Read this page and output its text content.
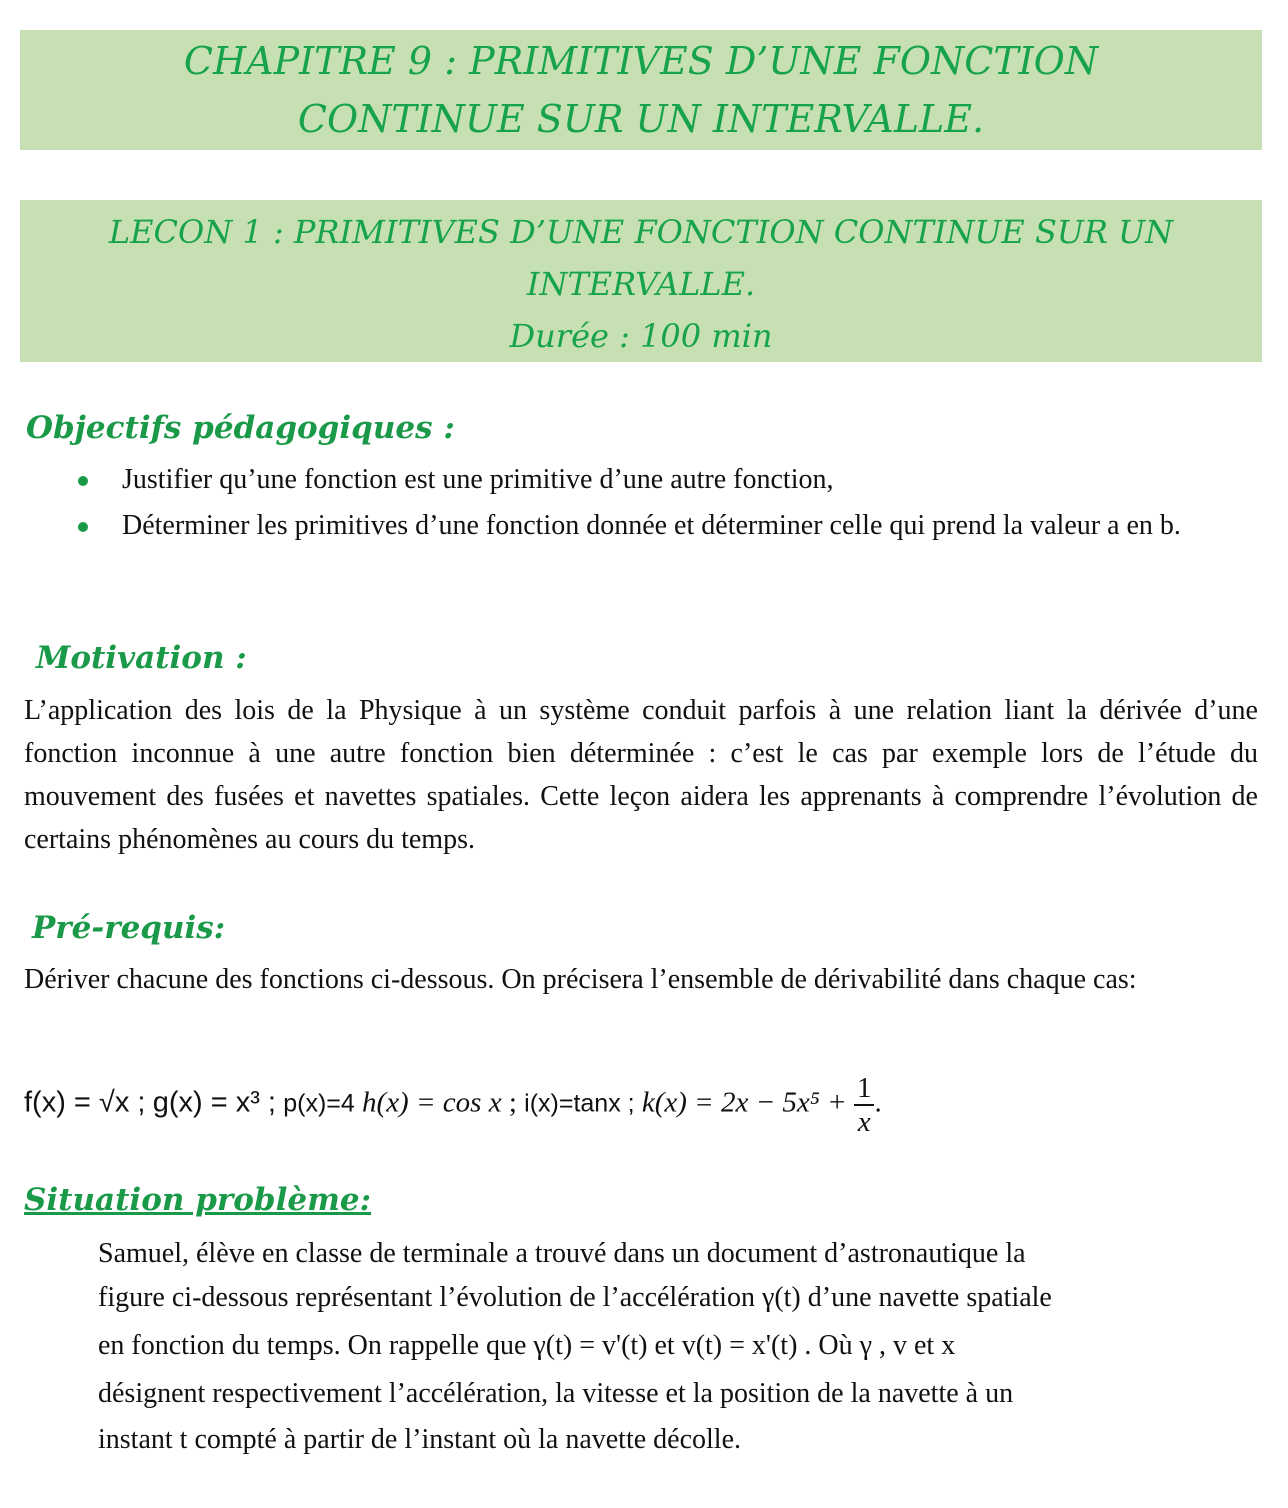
CHAPITRE 9 : PRIMITIVES D’UNE FONCTION
CONTINUE SUR UN INTERVALLE.
LECON 1 : PRIMITIVES D’UNE FONCTION CONTINUE SUR UN
INTERVALLE.
Durée : 100 min
Objectifs pédagogiques :
Justifier qu’une fonction est une primitive d’une autre fonction,
Déterminer les primitives d’une fonction donnée et déterminer celle qui prend la valeur a en b.
Motivation :
L’application des lois de la Physique à un système conduit parfois à une relation liant la dérivée d’une fonction inconnue à une autre fonction bien déterminée : c’est le cas par exemple lors de l’étude du mouvement des fusées et navettes spatiales. Cette leçon aidera les apprenants à comprendre l’évolution de certains phénomènes au cours du temps.
Pré-requis:
Dériver chacune des fonctions ci-dessous. On précisera l’ensemble de dérivabilité dans chaque cas:
f(x) = √x ; g(x) = x³ ; p(x)=4 h(x) = cos x ; i(x)=tanx ; $k(x) = 2x - 5x^5 + \frac{1}{x}$ .
Situation problème:
Samuel, élève en classe de terminale a trouvé dans un document d’astronautique la
figure ci-dessous représentant l’évolution de l’accélération γ(t) d’une navette spatiale
en fonction du temps. On rappelle que γ(t) = v'(t) et v(t) = x'(t) . Où γ , v et x
désignent respectivement l’accélération, la vitesse et la position de la navette à un
instant t compté à partir de l’instant où la navette décolle.
